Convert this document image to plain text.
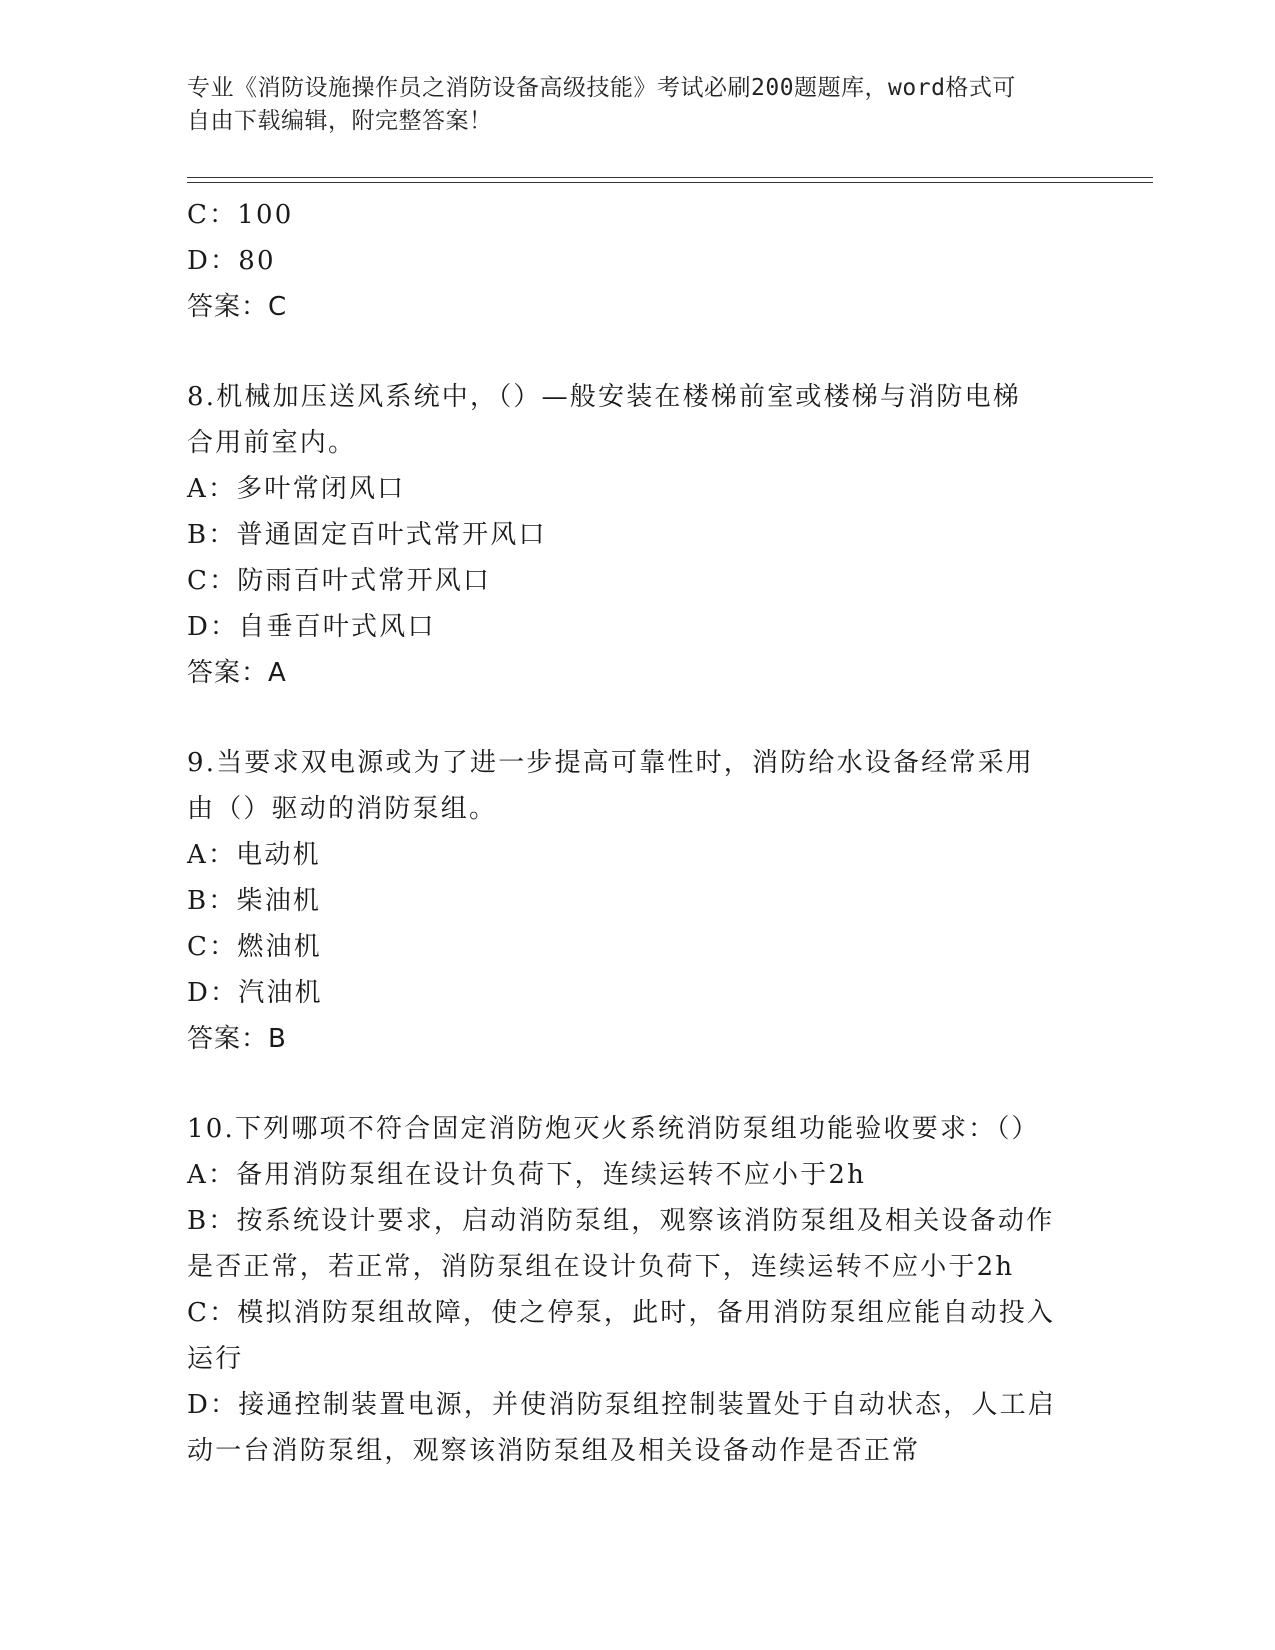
专业《消防设施操作员之消防设备高级技能》考试必刷200题题库，word格式可
自由下载编辑，附完整答案！
C：100
D：80
答案：C
8.机械加压送风系统中，（）—般安装在楼梯前室或楼梯与消防电梯
合用前室内。
A：多叶常闭风口
B：普通固定百叶式常开风口
C：防雨百叶式常开风口
D：自垂百叶式风口
答案：A
9.当要求双电源或为了进一步提高可靠性时，消防给水设备经常采用
由（）驱动的消防泵组。
A：电动机
B：柴油机
C：燃油机
D：汽油机
答案：B
10.下列哪项不符合固定消防炮灭火系统消防泵组功能验收要求：（）
A：备用消防泵组在设计负荷下，连续运转不应小于2h
B：按系统设计要求，启动消防泵组，观察该消防泵组及相关设备动作
是否正常，若正常，消防泵组在设计负荷下，连续运转不应小于2h
C：模拟消防泵组故障，使之停泵，此时，备用消防泵组应能自动投入
运行
D：接通控制装置电源，并使消防泵组控制装置处于自动状态，人工启
动一台消防泵组，观察该消防泵组及相关设备动作是否正常
